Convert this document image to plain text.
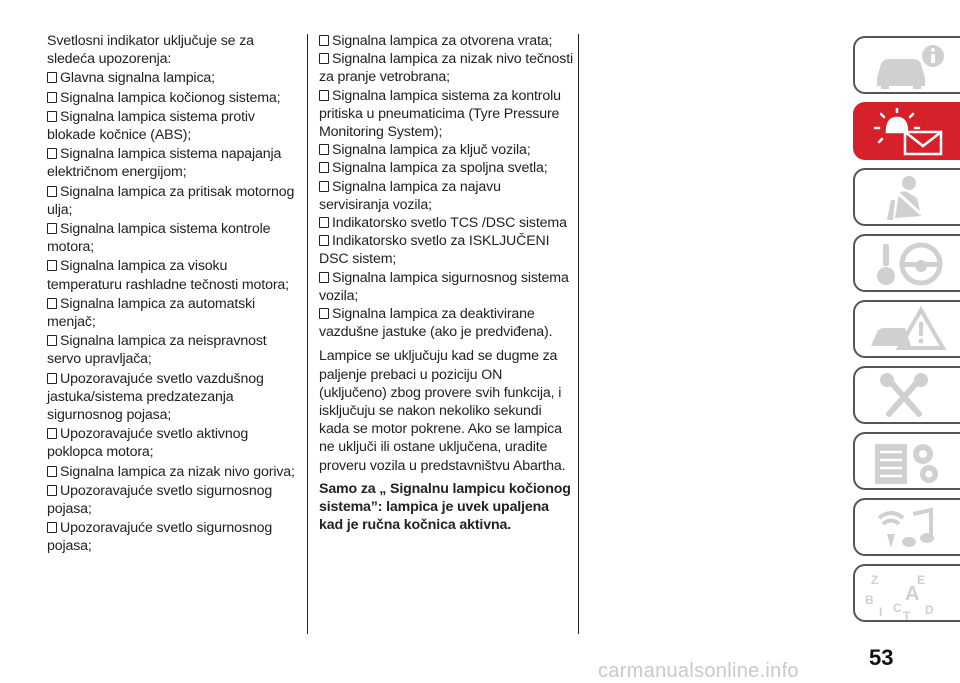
Svetlosni indikator uključuje se za sledeća upozorenja:
Glavna signalna lampica;
Signalna lampica kočionog sistema;
Signalna lampica sistema protiv blokade kočnice (ABS);
Signalna lampica sistema napajanja električnom energijom;
Signalna lampica za pritisak motornog ulja;
Signalna lampica sistema kontrole motora;
Signalna lampica za visoku temperaturu rashladne tečnosti motora;
Signalna lampica za automatski menjač;
Signalna lampica za neispravnost servo upravljača;
Upozoravajuće svetlo vazdušnog jastuka/sistema predzatezanja sigurnosnog pojasa;
Upozoravajuće svetlo aktivnog poklopca motora;
Signalna lampica za nizak nivo goriva;
Upozoravajuće svetlo sigurnosnog pojasa;
Upozoravajuće svetlo sigurnosnog pojasa;
Signalna lampica za otvorena vrata;
Signalna lampica za nizak nivo tečnosti za pranje vetrobrana;
Signalna lampica sistema za kontrolu pritiska u pneumaticima (Tyre Pressure Monitoring System);
Signalna lampica za ključ vozila;
Signalna lampica za spoljna svetla;
Signalna lampica za najavu servisiranja vozila;
Indikatorsko svetlo TCS /DSC sistema
Indikatorsko svetlo za ISKLJUČENI DSC sistem;
Signalna lampica sigurnosnog sistema vozila;
Signalna lampica za deaktivirane vazdušne jastuke (ako je predviđena).
Lampice se uključuju kad se dugme za paljenje prebaci u poziciju ON (uključeno) zbog provere svih funkcija, i isključuju se nakon nekoliko sekundi kada se motor pokrene. Ako se lampica ne uključi ili ostane uključena, uradite proveru vozila u predstavništvu Abartha.
Samo za „ Signalnu lampicu kočionog sistema”: lampica je uvek upaljena kad je ručna kočnica aktivna.
Z	E
B A
I C D
T
53
carmanualsonline.info
